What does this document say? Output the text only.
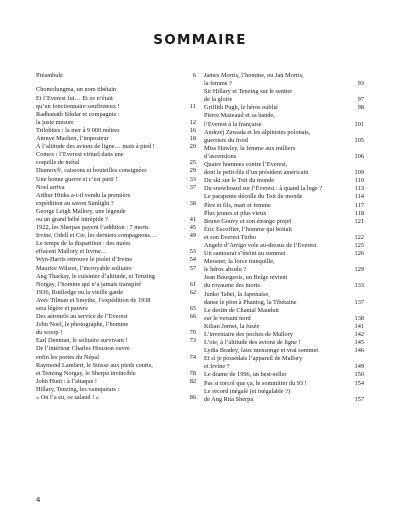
SOMMAIRE
Préambule	6
Chomolungma, un nom tibétain
Et l’Everest fut… Et ce n’était
qu’un fonctionnaire souffreteux !	11
Radhanath Sikdar et compagnie :
la juste mesure	12
Trilobites : la mer à 9 000 mètres	16
Amnye Machen, l’imposteur	18
À l’altitude des avions de ligne… mais à pied !	20
Comex : l’Everest virtuel dans une
coquille de métal	25
Diamox®, caissons et bouteilles consignées	29
Une bonne guerre et c’est parti !	33
Noel arriva	37
Arthur Hinks a-t-il vendu la première
expédition au savon Sunlight ?	38
George Leigh Mallory, une légende
ou un grand bébé intrépide ?	41
1922, les Sherpas payent l’addition : 7 morts	45
Irvine, Odell et Cie, les derniers compagnons…	49
Le temps de la disparition : des nuées
effacent Mallory et Irvine…	53
Wyn-Harris retrouve le piolet d’Irvine	54
Maurice Wilson, l’incroyable solitaire	57
Ang Tharkay, le cuisinier d’altitude, et Tenzing
Norgay, l’homme qui n’a jamais transpiré	61
1936, Ruttledge ou la vieille garde	62
Avec Tilman et Smythe, l’expédition de 1938
sera légère et pauvre	65
Des aéronefs au service de l’Everest	66
John Noel, le photographe, l’homme
du scoop !	70
Earl Denman, le solitaire survivant !	73
De l’intérieur Charles Houston ouvre
enfin les portes du Népal	74
Raymond Lambert, le Suisse aux pieds courts,
et Tenzing Norgay, le Sherpa invincible	78
John Hunt : à l’attaque !	82
Hillary, Tenzing, les vainqueurs :
« On l’a eu, ce salaud ! »	86
James Morris, l’homme, ou Jan Morris,
la femme ?	93
Sir Hillary et Tenzing sur le sentier
de la gloire	97
Griffith Pugh, le héros oublié	98
Pierre Mazeaud et sa bande,
l’Everest à la française	101
Andrzej Zawada et les alpinistes polonais,
guerriers du froid	105
Miss Hawley, la femme aux milliers
d’ascensions	106
Quatre hommes contre l’Everest,
dont le petit-fils d’un président américain	109
Du ski sur le Toit du monde	110
Du snowboard sur l’Everest : à quand la luge ?	113
Le parapente décolle du Toit du monde	114
Père et fils, mari et femme	117
Plus jeunes et plus vieux	118
Bruno Gouvy et son étrange projet	121
Éric Escoffier, l’homme qui boitait
et son Everest Turbo	122
Angelo d’Arrigo vole au-dessus de l’Everest	125
Un samouraï s’éteint au sommet	126
Messner, la force tranquille,
le héros absolu ?	129
Jean Bourgeois, un Belge revient
du royaume des morts	133
Junko Tabei, la Japonaise,
danse le pion à Phantog, la Tibétaine	137
Le destin de Chantal Mauduit
sur le versant nord	138
Kilian Jornet, la fusée	141
L’inventaire des poches de Mallory	142
L’oie, à l’altitude des avions de ligne !	145
Lydia Bradey, faux mensonge et vrai sommet	146
Et si je possédais l’appareil de Mallory
et Irvine ?	149
Le drame de 1996, un best-seller	150
Pas si torcol que ça, le sommitier du 93 !	154
Le record inégalé (et inégalable ?)
de Ang Rita Sherpa	157
4
